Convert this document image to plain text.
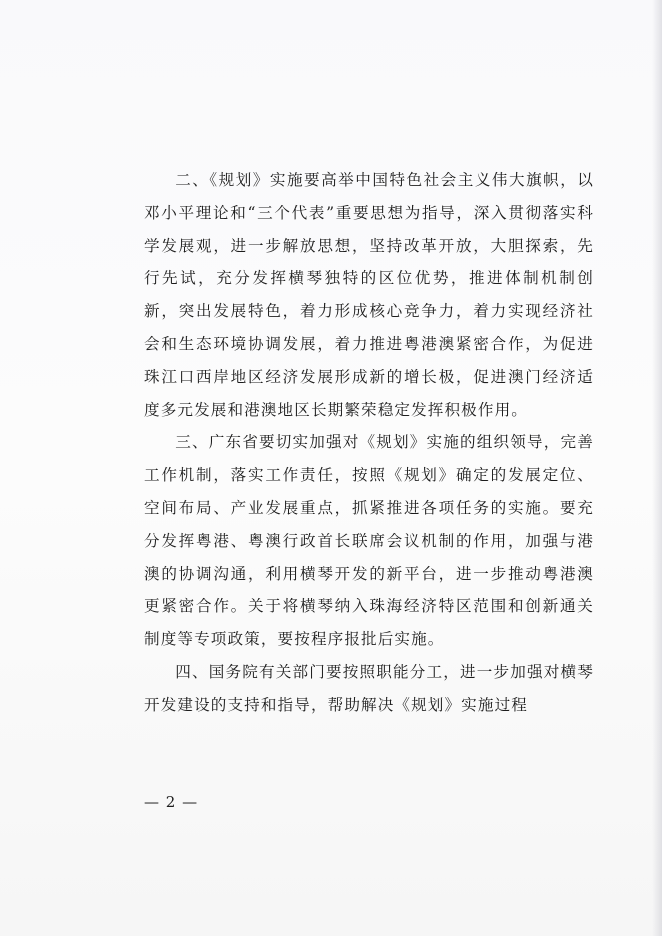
二、《规划》实施要高举中国特色社会主义伟大旗帜，以邓小平理论和“三个代表”重要思想为指导，深入贯彻落实科学发展观，进一步解放思想，坚持改革开放，大胆探索，先行先试，充分发挥横琴独特的区位优势，推进体制机制创新，突出发展特色，着力形成核心竞争力，着力实现经济社会和生态环境协调发展，着力推进粤港澳紧密合作，为促进珠江口西岸地区经济发展形成新的增长极，促进澳门经济适度多元发展和港澳地区长期繁荣稳定发挥积极作用。

三、广东省要切实加强对《规划》实施的组织领导，完善工作机制，落实工作责任，按照《规划》确定的发展定位、空间布局、产业发展重点，抓紧推进各项任务的实施。要充分发挥粤港、粤澳行政首长联席会议机制的作用，加强与港澳的协调沟通，利用横琴开发的新平台，进一步推动粤港澳更紧密合作。关于将横琴纳入珠海经济特区范围和创新通关制度等专项政策，要按程序报批后实施。

四、国务院有关部门要按照职能分工，进一步加强对横琴开发建设的支持和指导，帮助解决《规划》实施过程

— 2 —
